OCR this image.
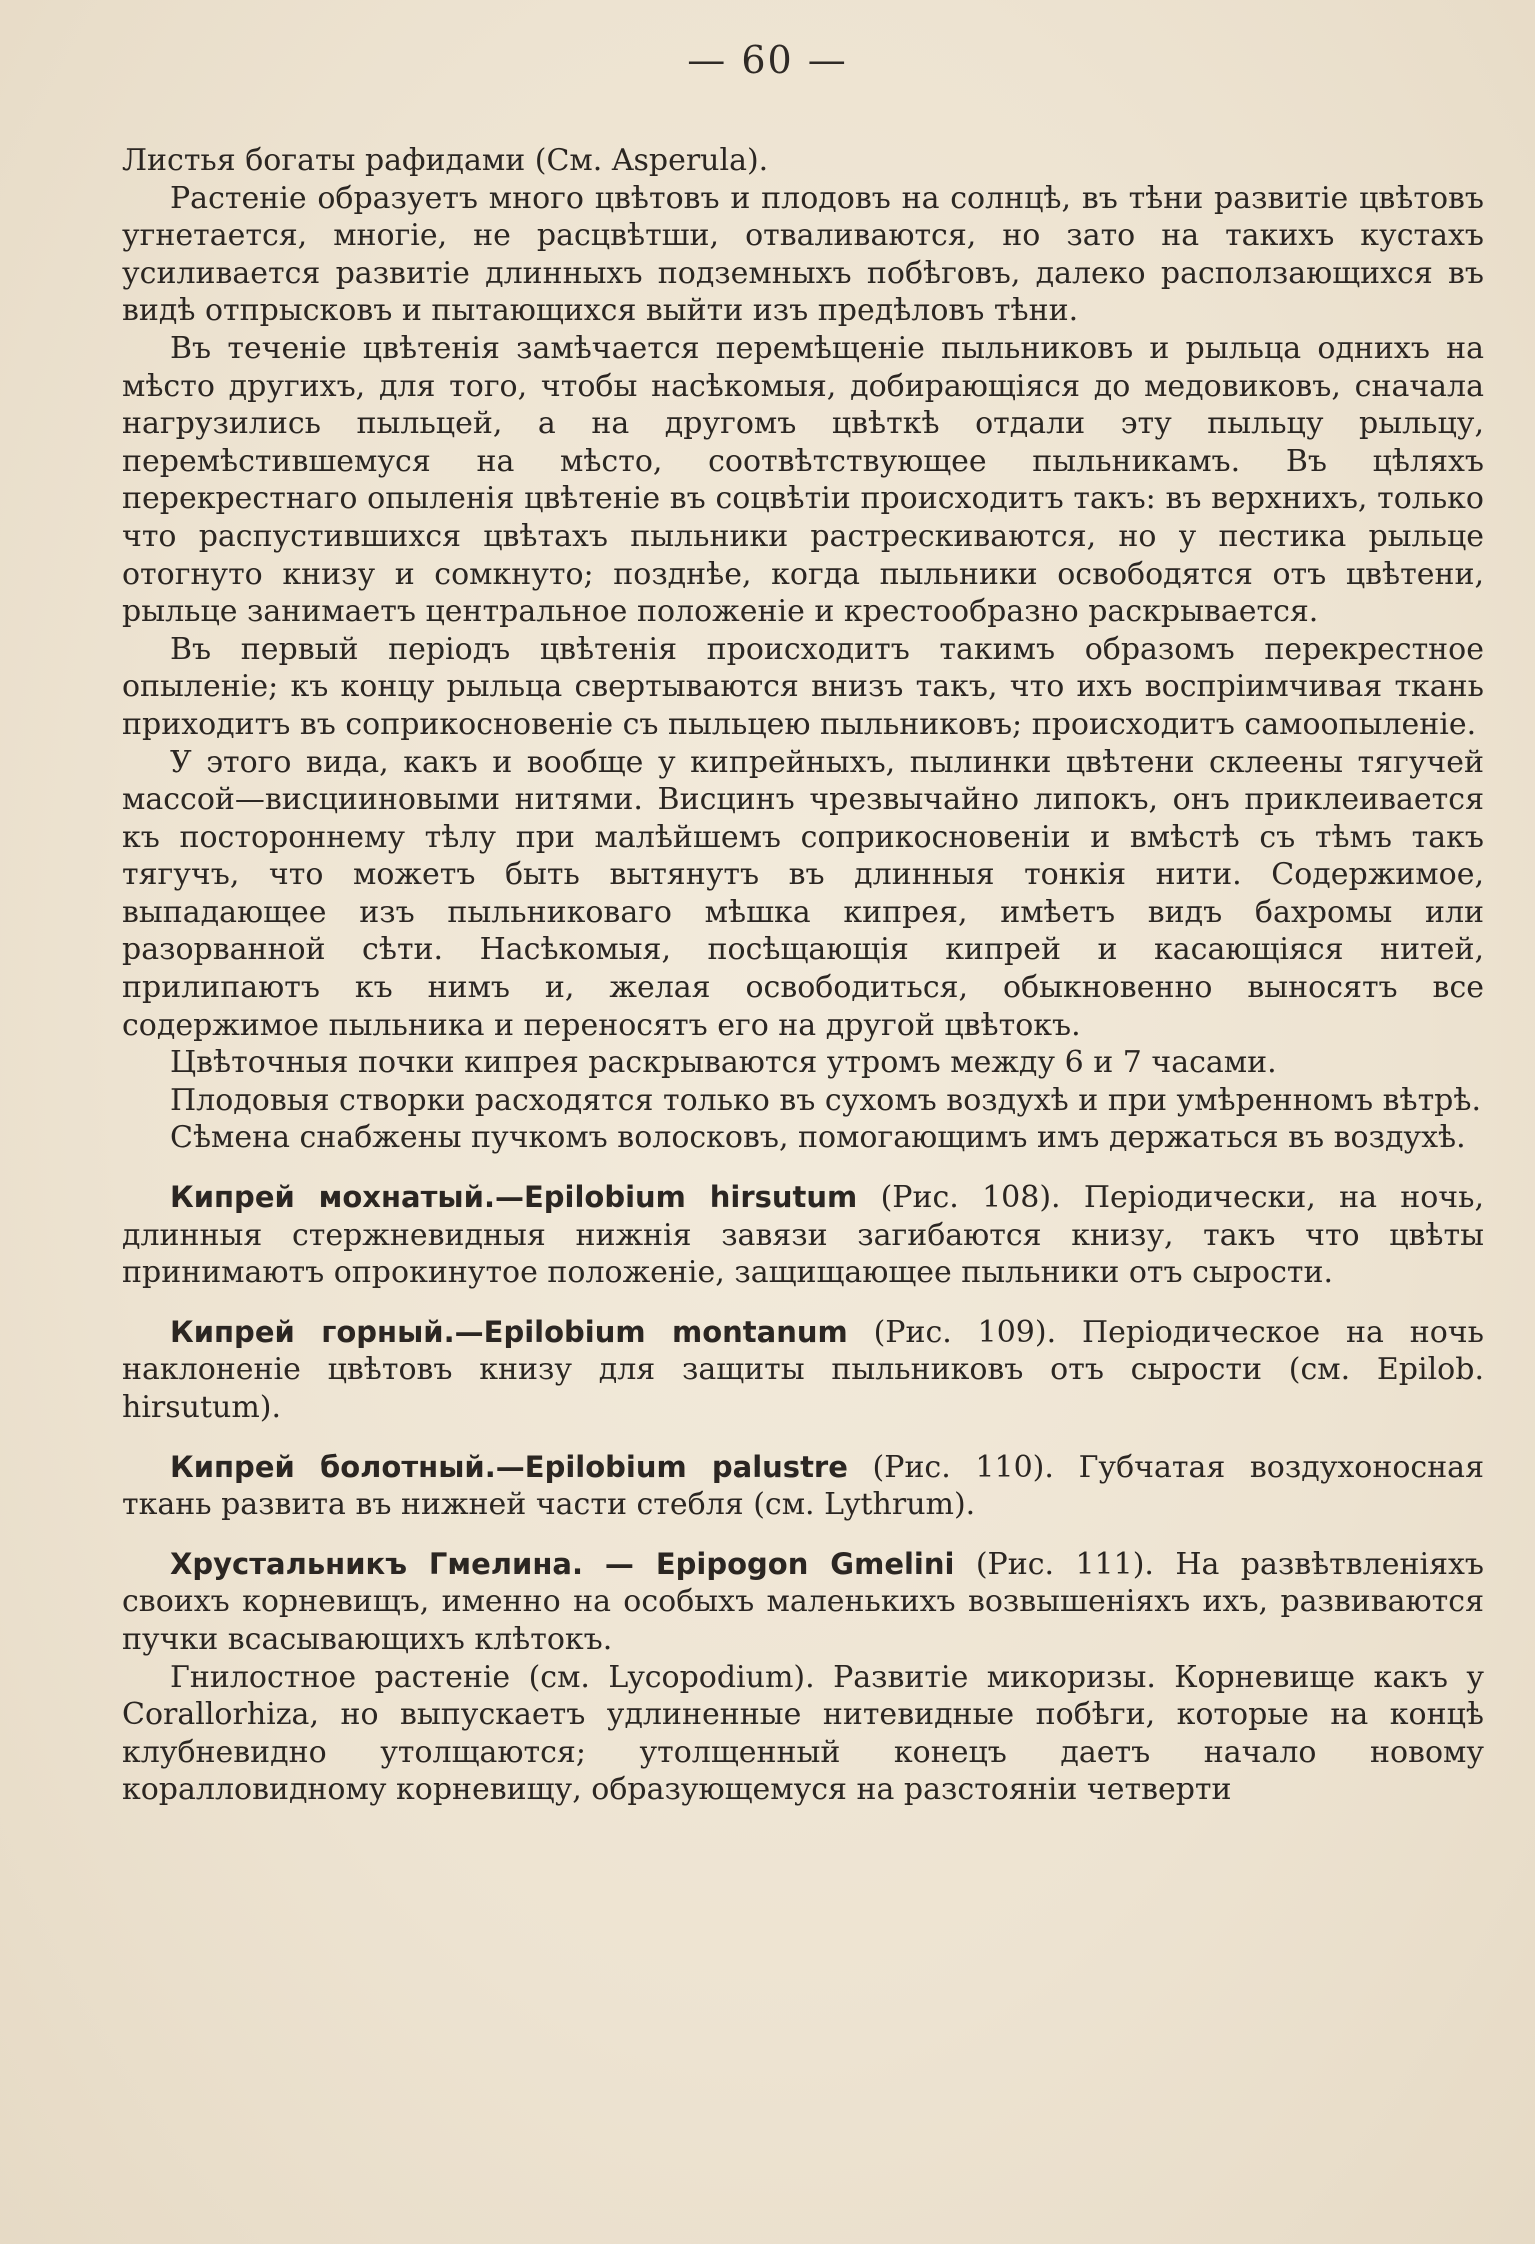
— 60 —

Листья богаты рафидами (См. Asperula).

Растеніе образуетъ много цвѣтовъ и плодовъ на солнцѣ, въ тѣни развитіе цвѣтовъ угнетается, многіе, не расцвѣтши, отваливаются, но зато на такихъ кустахъ усиливается развитіе длинныхъ подземныхъ побѣговъ, далеко расползающихся въ видѣ отпрысковъ и пытающихся выйти изъ предѣловъ тѣни.

Въ теченіе цвѣтенія замѣчается перемѣщеніе пыльниковъ и рыльца однихъ на мѣсто другихъ, для того, чтобы насѣкомыя, добирающіяся до медовиковъ, сначала нагрузились пыльцей, а на другомъ цвѣткѣ отдали эту пыльцу рыльцу, перемѣстившемуся на мѣсто, соотвѣтствующее пыльникамъ. Въ цѣляхъ перекрестнаго опыленія цвѣтеніе въ соцвѣтіи происходитъ такъ: въ верхнихъ, только что распустившихся цвѣтахъ пыльники растрескиваются, но у пестика рыльце отогнуто книзу и сомкнуто; позднѣе, когда пыльники освободятся отъ цвѣтени, рыльце занимаетъ центральное положеніе и крестообразно раскрывается.

Въ первый періодъ цвѣтенія происходитъ такимъ образомъ перекрестное опыленіе; къ концу рыльца свертываются внизъ такъ, что ихъ воспріимчивая ткань приходитъ въ соприкосновеніе съ пыльцею пыльниковъ; происходитъ самоопыленіе.

У этого вида, какъ и вообще у кипрейныхъ, пылинки цвѣтени склеены тягучей массой—висцииновыми нитями. Висцинъ чрезвычайно липокъ, онъ приклеивается къ постороннему тѣлу при малѣйшемъ соприкосновеніи и вмѣстѣ съ тѣмъ такъ тягучъ, что можетъ быть вытянутъ въ длинныя тонкія нити. Содержимое, выпадающее изъ пыльниковаго мѣшка кипрея, имѣетъ видъ бахромы или разорванной сѣти. Насѣкомыя, посѣщающія кипрей и касающіяся нитей, прилипаютъ къ нимъ и, желая освободиться, обыкновенно выносятъ все содержимое пыльника и переносятъ его на другой цвѣтокъ.

Цвѣточныя почки кипрея раскрываются утромъ между 6 и 7 часами.

Плодовыя створки расходятся только въ сухомъ воздухѣ и при умѣренномъ вѣтрѣ.

Сѣмена снабжены пучкомъ волосковъ, помогающимъ имъ держаться въ воздухѣ.

Кипрей мохнатый.—Epilobium hirsutum (Рис. 108). Періодически, на ночь, длинныя стержневидныя нижнія завязи загибаются книзу, такъ что цвѣты принимаютъ опрокинутое положеніе, защищающее пыльники отъ сырости.

Кипрей горный.—Epilobium montanum (Рис. 109). Періодическое на ночь наклоненіе цвѣтовъ книзу для защиты пыльниковъ отъ сырости (см. Epilob. hirsutum).

Кипрей болотный.—Epilobium palustre (Рис. 110). Губчатая воздухоносная ткань развита въ нижней части стебля (см. Lythrum).

Хрустальникъ Гмелина. — Epipogon Gmelini (Рис. 111). На развѣтвленіяхъ своихъ корневищъ, именно на особыхъ маленькихъ возвышеніяхъ ихъ, развиваются пучки всасывающихъ клѣтокъ.

Гнилостное растеніе (см. Lycopodium). Развитіе микоризы. Корневище какъ у Corallorhiza, но выпускаетъ удлиненные нитевидные побѣги, которые на концѣ клубневидно утолщаются; утолщенный конецъ даетъ начало новому коралловидному корневищу, образующемуся на разстояніи четверти
